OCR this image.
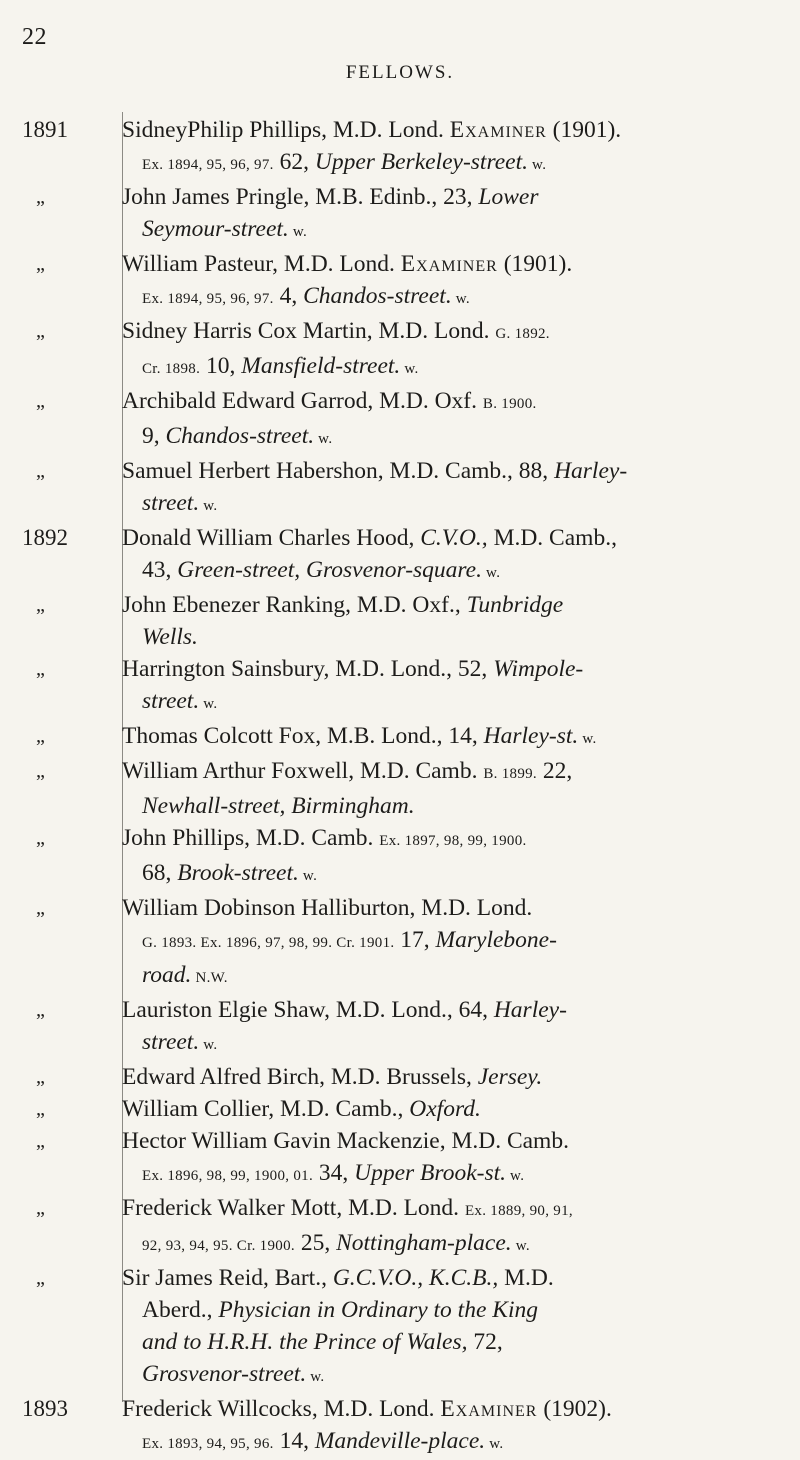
22
FELLOWS.
1891	SidneyPhilip Phillips, M.D. Lond. Examiner (1901).
Ex. 1894, 95, 96, 97. 62, Upper Berkeley-street. w.
„	John James Pringle, M.B. Edinb., 23, Lower
Seymour-street. w.
„	William Pasteur, M.D. Lond. Examiner (1901).
Ex. 1894, 95, 96, 97. 4, Chandos-street. w.
„	Sidney Harris Cox Martin, M.D. Lond. G. 1892.
Cr. 1898. 10, Mansfield-street. w.
„	Archibald Edward Garrod, M.D. Oxf. B. 1900.
9, Chandos-street. w.
„	Samuel Herbert Habershon, M.D. Camb., 88, Harley-
street. w.
1892	Donald William Charles Hood, C.V.O., M.D. Camb.,
43, Green-street, Grosvenor-square. w.
„	John Ebenezer Ranking, M.D. Oxf., Tunbridge
Wells.
„	Harrington Sainsbury, M.D. Lond., 52, Wimpole-
street. w.
„	Thomas Colcott Fox, M.B. Lond., 14, Harley-st. w.
„	William Arthur Foxwell, M.D. Camb. B. 1899. 22,
Newhall-street, Birmingham.
„	John Phillips, M.D. Camb. Ex. 1897, 98, 99, 1900.
68, Brook-street. w.
„	William Dobinson Halliburton, M.D. Lond.
G. 1893. Ex. 1896, 97, 98, 99. Cr. 1901. 17, Marylebone-
road. N.W.
„	Lauriston Elgie Shaw, M.D. Lond., 64, Harley-
street. w.
„	Edward Alfred Birch, M.D. Brussels, Jersey.
„	William Collier, M.D. Camb., Oxford.
„	Hector William Gavin Mackenzie, M.D. Camb.
Ex. 1896, 98, 99, 1900, 01. 34, Upper Brook-st. w.
„	Frederick Walker Mott, M.D. Lond. Ex. 1889, 90, 91,
92, 93, 94, 95. Cr. 1900. 25, Nottingham-place. w.
„	Sir James Reid, Bart., G.C.V.O., K.C.B., M.D.
Aberd., Physician in Ordinary to the King
and to H.R.H. the Prince of Wales, 72,
Grosvenor-street. w.
1893	Frederick Willcocks, M.D. Lond. Examiner (1902).
Ex. 1893, 94, 95, 96. 14, Mandeville-place. w.
